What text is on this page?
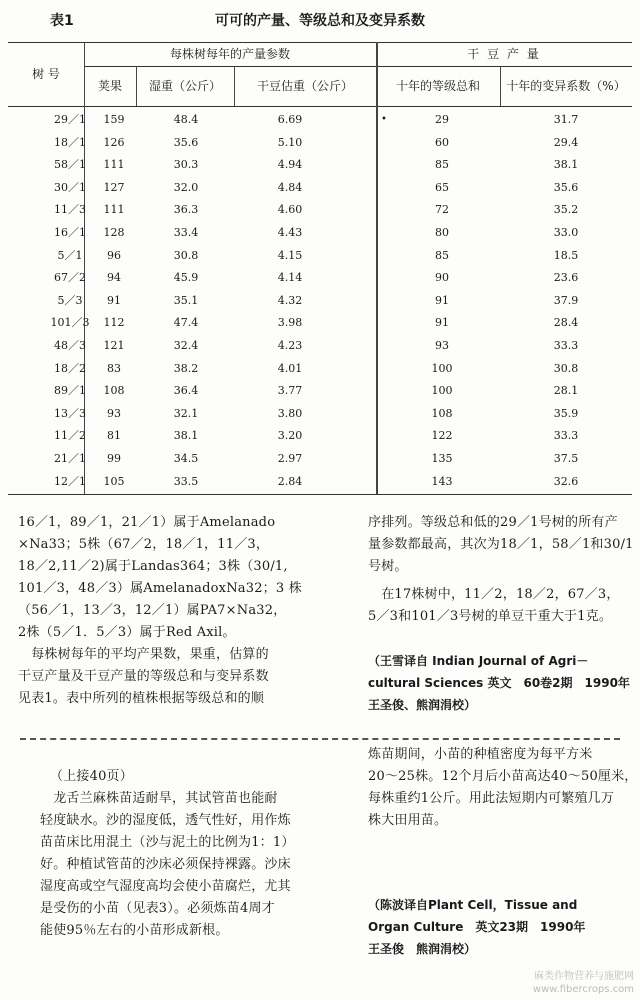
表1	可可的产量、等级总和及变异系数
树 号
每株树每年的产量参数
荚果	湿重（公斤）	干豆估重（公斤）
干 豆 产 量
十年的等级总和	十年的变异系数（%）
29／1	159	48.4	6.69	29	31.7
•
18／1	126	35.6	5.10	60	29.4
58／1	111	30.3	4.94	85	38.1
30／1	127	32.0	4.84	65	35.6
11／3	111	36.3	4.60	72	35.2
16／1	128	33.4	4.43	80	33.0
5／1	96	30.8	4.15	85	18.5
67／2	94	45.9	4.14	90	23.6
5／3	91	35.1	4.32	91	37.9
101／3	112	47.4	3.98	91	28.4
48／3	121	32.4	4.23	93	33.3
18／2	83	38.2	4.01	100	30.8
89／1	108	36.4	3.77	100	28.1
13／3	93	32.1	3.80	108	35.9
11／2	81	38.1	3.20	122	33.3
21／1	99	34.5	2.97	135	37.5
12／1	105	33.5	2.84	143	32.6
16／1，89／1，21／1）属于Amelanado
×Na33；5株（67／2，18／1，11／3，
18／2,11／2)属于Landas364；3株（30/1,
101／3，48／3）属AmelanadoxNa32；3 株
（56／1，13／3，12／1）属PA7×Na32，
2株（5／1．5／3）属于Red Axil。
　每株树每年的平均产果数，果重，估算的
干豆产量及干豆产量的等级总和与变异系数
见表1。表中所列的植株根据等级总和的顺
序排列。等级总和低的29／1号树的所有产
量参数都最高，其次为18／1，58／1和30/1
号树。
　在17株树中，11／2，18／2，67／3，
5／3和101／3号树的单豆干重大于1克。
（王雪译自 Indian Journal of Agri－
cultural Sciences 英文　60卷2期　1990年
王圣俊、熊润涓校）
（上接40页）
　龙舌兰麻株苗适耐旱，其试管苗也能耐
轻度缺水。沙的湿度低，透气性好，用作炼
苗苗床比用混土（沙与泥土的比例为1：1）
好。种植试管苗的沙床必须保持裸露。沙床
湿度高或空气湿度高均会使小苗腐烂，尤其
是受伤的小苗（见表3）。必须炼苗4周才
能使95％左右的小苗形成新根。
炼苗期间，小苗的种植密度为每平方米
20～25株。12个月后小苗高达40～50厘米，
每株重约1公斤。用此法短期内可繁殖几万
株大田用苗。
（陈波译自Plant Cell，Tissue and
Organ Culture　英文23期　1990年
王圣俊　熊润涓校）
麻类作物营养与施肥网
www.fibercrops.com
